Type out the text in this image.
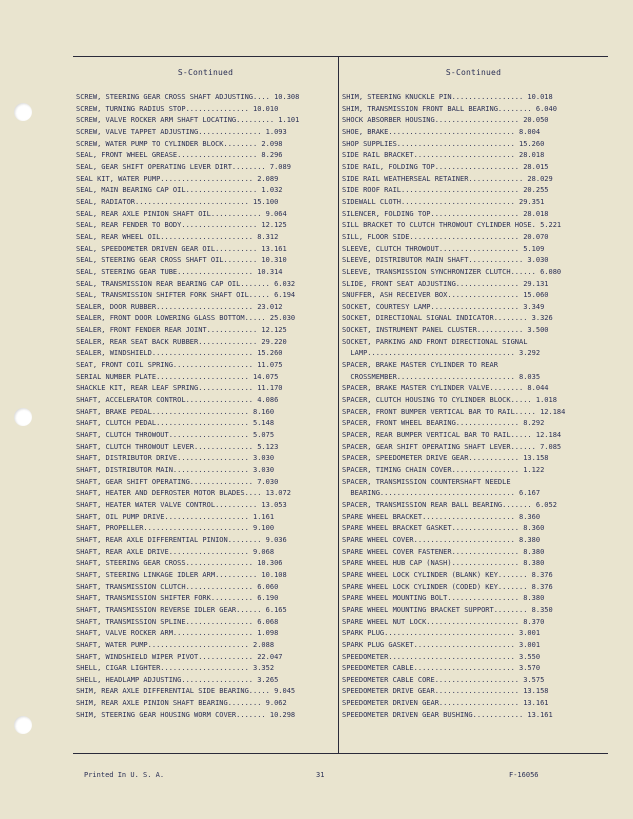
S-Continued	S-Continued
SCREW, STEERING GEAR CROSS SHAFT ADJUSTING.... 10.308
SCREW, TURNING RADIUS STOP............... 10.010
SCREW, VALVE ROCKER ARM SHAFT LOCATING......... 1.101
SCREW, VALVE TAPPET ADJUSTING............... 1.093
SCREW, WATER PUMP TO CYLINDER BLOCK........ 2.098
SEAL, FRONT WHEEL GREASE................... 8.296
SEAL, GEAR SHIFT OPERATING LEVER DIRT........ 7.089
SEAL KIT, WATER PUMP...................... 2.089
SEAL, MAIN BEARING CAP OIL................. 1.032
SEAL, RADIATOR........................... 15.100
SEAL, REAR AXLE PINION SHAFT OIL............ 9.064
SEAL, REAR FENDER TO BODY.................. 12.125
SEAL, REAR WHEEL OIL...................... 8.312
SEAL, SPEEDOMETER DRIVEN GEAR OIL.......... 13.161
SEAL, STEERING GEAR CROSS SHAFT OIL........ 10.310
SEAL, STEERING GEAR TUBE.................. 10.314
SEAL, TRANSMISSION REAR BEARING CAP OIL....... 6.032
SEAL, TRANSMISSION SHIFTER FORK SHAFT OIL..... 6.194
SEALER, DOOR RUBBER....................... 23.012
SEALER, FRONT DOOR LOWERING GLASS BOTTOM..... 25.030
SEALER, FRONT FENDER REAR JOINT............ 12.125
SEALER, REAR SEAT BACK RUBBER.............. 29.220
SEALER, WINDSHIELD........................ 15.260
SEAT, FRONT COIL SPRING................... 11.075
SERIAL NUMBER PLATE...................... 14.075
SHACKLE KIT, REAR LEAF SPRING............. 11.170
SHAFT, ACCELERATOR CONTROL................ 4.086
SHAFT, BRAKE PEDAL....................... 8.160
SHAFT, CLUTCH PEDAL...................... 5.148
SHAFT, CLUTCH THROWOUT................... 5.075
SHAFT, CLUTCH THROWOUT LEVER.............. 5.123
SHAFT, DISTRIBUTOR DRIVE................. 3.030
SHAFT, DISTRIBUTOR MAIN.................. 3.030
SHAFT, GEAR SHIFT OPERATING............... 7.030
SHAFT, HEATER AND DEFROSTER MOTOR BLADES.... 13.072
SHAFT, HEATER WATER VALVE CONTROL.......... 13.053
SHAFT, OIL PUMP DRIVE.................... 1.161
SHAFT, PROPELLER......................... 9.100
SHAFT, REAR AXLE DIFFERENTIAL PINION........ 9.036
SHAFT, REAR AXLE DRIVE................... 9.068
SHAFT, STEERING GEAR CROSS................ 10.306
SHAFT, STEERING LINKAGE IDLER ARM.......... 10.108
SHAFT, TRANSMISSION CLUTCH................ 6.060
SHAFT, TRANSMISSION SHIFTER FORK.......... 6.190
SHAFT, TRANSMISSION REVERSE IDLER GEAR...... 6.165
SHAFT, TRANSMISSION SPLINE................ 6.068
SHAFT, VALVE ROCKER ARM................... 1.098
SHAFT, WATER PUMP........................ 2.088
SHAFT, WINDSHIELD WIPER PIVOT............. 22.047
SHELL, CIGAR LIGHTER..................... 3.352
SHELL, HEADLAMP ADJUSTING................. 3.265
SHIM, REAR AXLE DIFFERENTIAL SIDE BEARING..... 9.045
SHIM, REAR AXLE PINION SHAFT BEARING........ 9.062
SHIM, STEERING GEAR HOUSING WORM COVER....... 10.298
SHIM, STEERING KNUCKLE PIN................. 10.018
SHIM, TRANSMISSION FRONT BALL BEARING........ 6.040
SHOCK ABSORBER HOUSING.................... 20.050
SHOE, BRAKE.............................. 8.004
SHOP SUPPLIES............................ 15.260
SIDE RAIL BRACKET........................ 28.018
SIDE RAIL, FOLDING TOP.................... 28.015
SIDE RAIL WEATHERSEAL RETAINER............. 28.029
SIDE ROOF RAIL............................ 20.255
SIDEWALL CLOTH........................... 29.351
SILENCER, FOLDING TOP..................... 28.018
SILL BRACKET TO CLUTCH THROWOUT CYLINDER HOSE. 5.221
SILL, FLOOR SIDE.......................... 20.070
SLEEVE, CLUTCH THROWOUT................... 5.109
SLEEVE, DISTRIBUTOR MAIN SHAFT............. 3.030
SLEEVE, TRANSMISSION SYNCHRONIZER CLUTCH...... 6.080
SLIDE, FRONT SEAT ADJUSTING............... 29.131
SNUFFER, ASH RECEIVER BOX................. 15.060
SOCKET, COURTESY LAMP..................... 3.349
SOCKET, DIRECTIONAL SIGNAL INDICATOR........ 3.326
SOCKET, INSTRUMENT PANEL CLUSTER........... 3.500
SOCKET, PARKING AND FRONT DIRECTIONAL SIGNAL
LAMP................................... 3.292
SPACER, BRAKE MASTER CYLINDER TO REAR
CROSSMEMBER............................ 8.035
SPACER, BRAKE MASTER CYLINDER VALVE........ 8.044
SPACER, CLUTCH HOUSING TO CYLINDER BLOCK..... 1.018
SPACER, FRONT BUMPER VERTICAL BAR TO RAIL..... 12.184
SPACER, FRONT WHEEL BEARING............... 8.292
SPACER, REAR BUMPER VERTICAL BAR TO RAIL..... 12.184
SPACER, GEAR SHIFT OPERATING SHAFT LEVER...... 7.085
SPACER, SPEEDOMETER DRIVE GEAR............ 13.158
SPACER, TIMING CHAIN COVER................ 1.122
SPACER, TRANSMISSION COUNTERSHAFT NEEDLE
BEARING................................ 6.167
SPACER, TRANSMISSION REAR BALL BEARING....... 6.052
SPARE WHEEL BRACKET...................... 8.360
SPARE WHEEL BRACKET GASKET................ 8.360
SPARE WHEEL COVER........................ 8.380
SPARE WHEEL COVER FASTENER................ 8.380
SPARE WHEEL HUB CAP (NASH)................ 8.380
SPARE WHEEL LOCK CYLINDER (BLANK) KEY....... 8.376
SPARE WHEEL LOCK CYLINDER (CODED) KEY....... 8.376
SPARE WHEEL MOUNTING BOLT................. 8.380
SPARE WHEEL MOUNTING BRACKET SUPPORT........ 8.350
SPARE WHEEL NUT LOCK...................... 8.370
SPARK PLUG............................... 3.001
SPARK PLUG GASKET........................ 3.001
SPEEDOMETER.............................. 3.550
SPEEDOMETER CABLE........................ 3.570
SPEEDOMETER CABLE CORE.................... 3.575
SPEEDOMETER DRIVE GEAR.................... 13.158
SPEEDOMETER DRIVEN GEAR................... 13.161
SPEEDOMETER DRIVEN GEAR BUSHING............ 13.161
Printed In U. S. A.	31	F-16056
